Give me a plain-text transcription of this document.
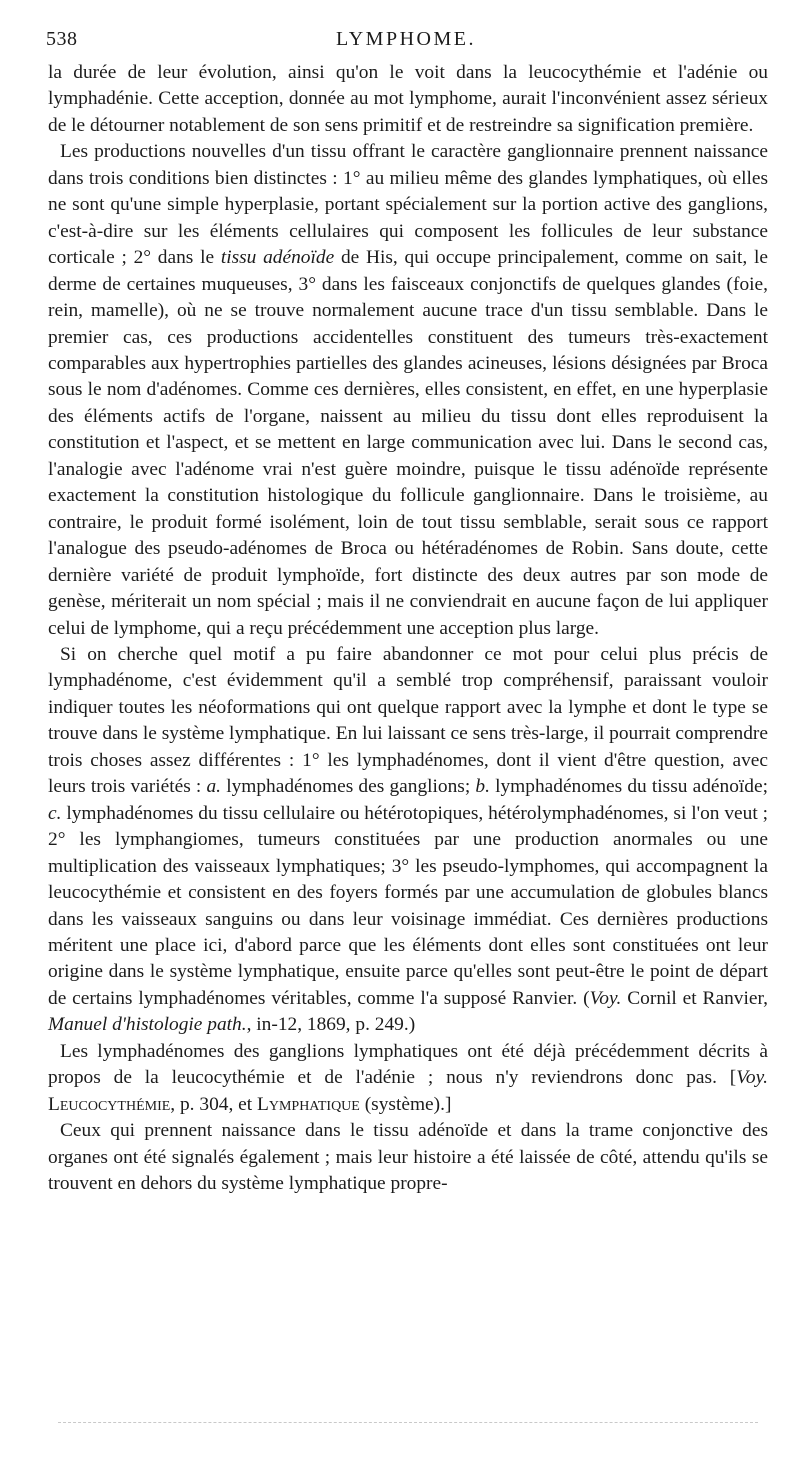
538	LYMPHOME.

la durée de leur évolution, ainsi qu'on le voit dans la leucocythémie et l'adénie ou lymphadénie. Cette acception, donnée au mot lymphome, aurait l'inconvénient assez sérieux de le détourner notablement de son sens primitif et de restreindre sa signification première.

Les productions nouvelles d'un tissu offrant le caractère ganglionnaire prennent naissance dans trois conditions bien distinctes : 1° au milieu même des glandes lymphatiques, où elles ne sont qu'une simple hyperplasie, portant spécialement sur la portion active des ganglions, c'est-à-dire sur les éléments cellulaires qui composent les follicules de leur substance corticale ; 2° dans le tissu adénoïde de His, qui occupe principalement, comme on sait, le derme de certaines muqueuses, 3° dans les faisceaux conjonctifs de quelques glandes (foie, rein, mamelle), où ne se trouve normalement aucune trace d'un tissu semblable. Dans le premier cas, ces productions accidentelles constituent des tumeurs très-exactement comparables aux hypertrophies partielles des glandes acineuses, lésions désignées par Broca sous le nom d'adénomes. Comme ces dernières, elles consistent, en effet, en une hyperplasie des éléments actifs de l'organe, naissent au milieu du tissu dont elles reproduisent la constitution et l'aspect, et se mettent en large communication avec lui. Dans le second cas, l'analogie avec l'adénome vrai n'est guère moindre, puisque le tissu adénoïde représente exactement la constitution histologique du follicule ganglionnaire. Dans le troisième, au contraire, le produit formé isolément, loin de tout tissu semblable, serait sous ce rapport l'analogue des pseudo-adénomes de Broca ou hétéradénomes de Robin. Sans doute, cette dernière variété de produit lymphoïde, fort distincte des deux autres par son mode de genèse, mériterait un nom spécial ; mais il ne conviendrait en aucune façon de lui appliquer celui de lymphome, qui a reçu précédemment une acception plus large.

Si on cherche quel motif a pu faire abandonner ce mot pour celui plus précis de lymphadénome, c'est évidemment qu'il a semblé trop compréhensif, paraissant vouloir indiquer toutes les néoformations qui ont quelque rapport avec la lymphe et dont le type se trouve dans le système lymphatique. En lui laissant ce sens très-large, il pourrait comprendre trois choses assez différentes : 1° les lymphadénomes, dont il vient d'être question, avec leurs trois variétés : a. lymphadénomes des ganglions; b. lymphadénomes du tissu adénoïde; c. lymphadénomes du tissu cellulaire ou hétérotopiques, hétérolymphadénomes, si l'on veut ; 2° les lymphangiomes, tumeurs constituées par une production anormales ou une multiplication des vaisseaux lymphatiques; 3° les pseudo-lymphomes, qui accompagnent la leucocythémie et consistent en des foyers formés par une accumulation de globules blancs dans les vaisseaux sanguins ou dans leur voisinage immédiat. Ces dernières productions méritent une place ici, d'abord parce que les éléments dont elles sont constituées ont leur origine dans le système lymphatique, ensuite parce qu'elles sont peut-être le point de départ de certains lymphadénomes véritables, comme l'a supposé Ranvier. (Voy. Cornil et Ranvier, Manuel d'histologie path., in-12, 1869, p. 249.)

Les lymphadénomes des ganglions lymphatiques ont été déjà précédemment décrits à propos de la leucocythémie et de l'adénie ; nous n'y reviendrons donc pas. [Voy. Leucocythémie, p. 304, et Lymphatique (système).]

Ceux qui prennent naissance dans le tissu adénoïde et dans la trame conjonctive des organes ont été signalés également ; mais leur histoire a été laissée de côté, attendu qu'ils se trouvent en dehors du système lymphatique propre-
